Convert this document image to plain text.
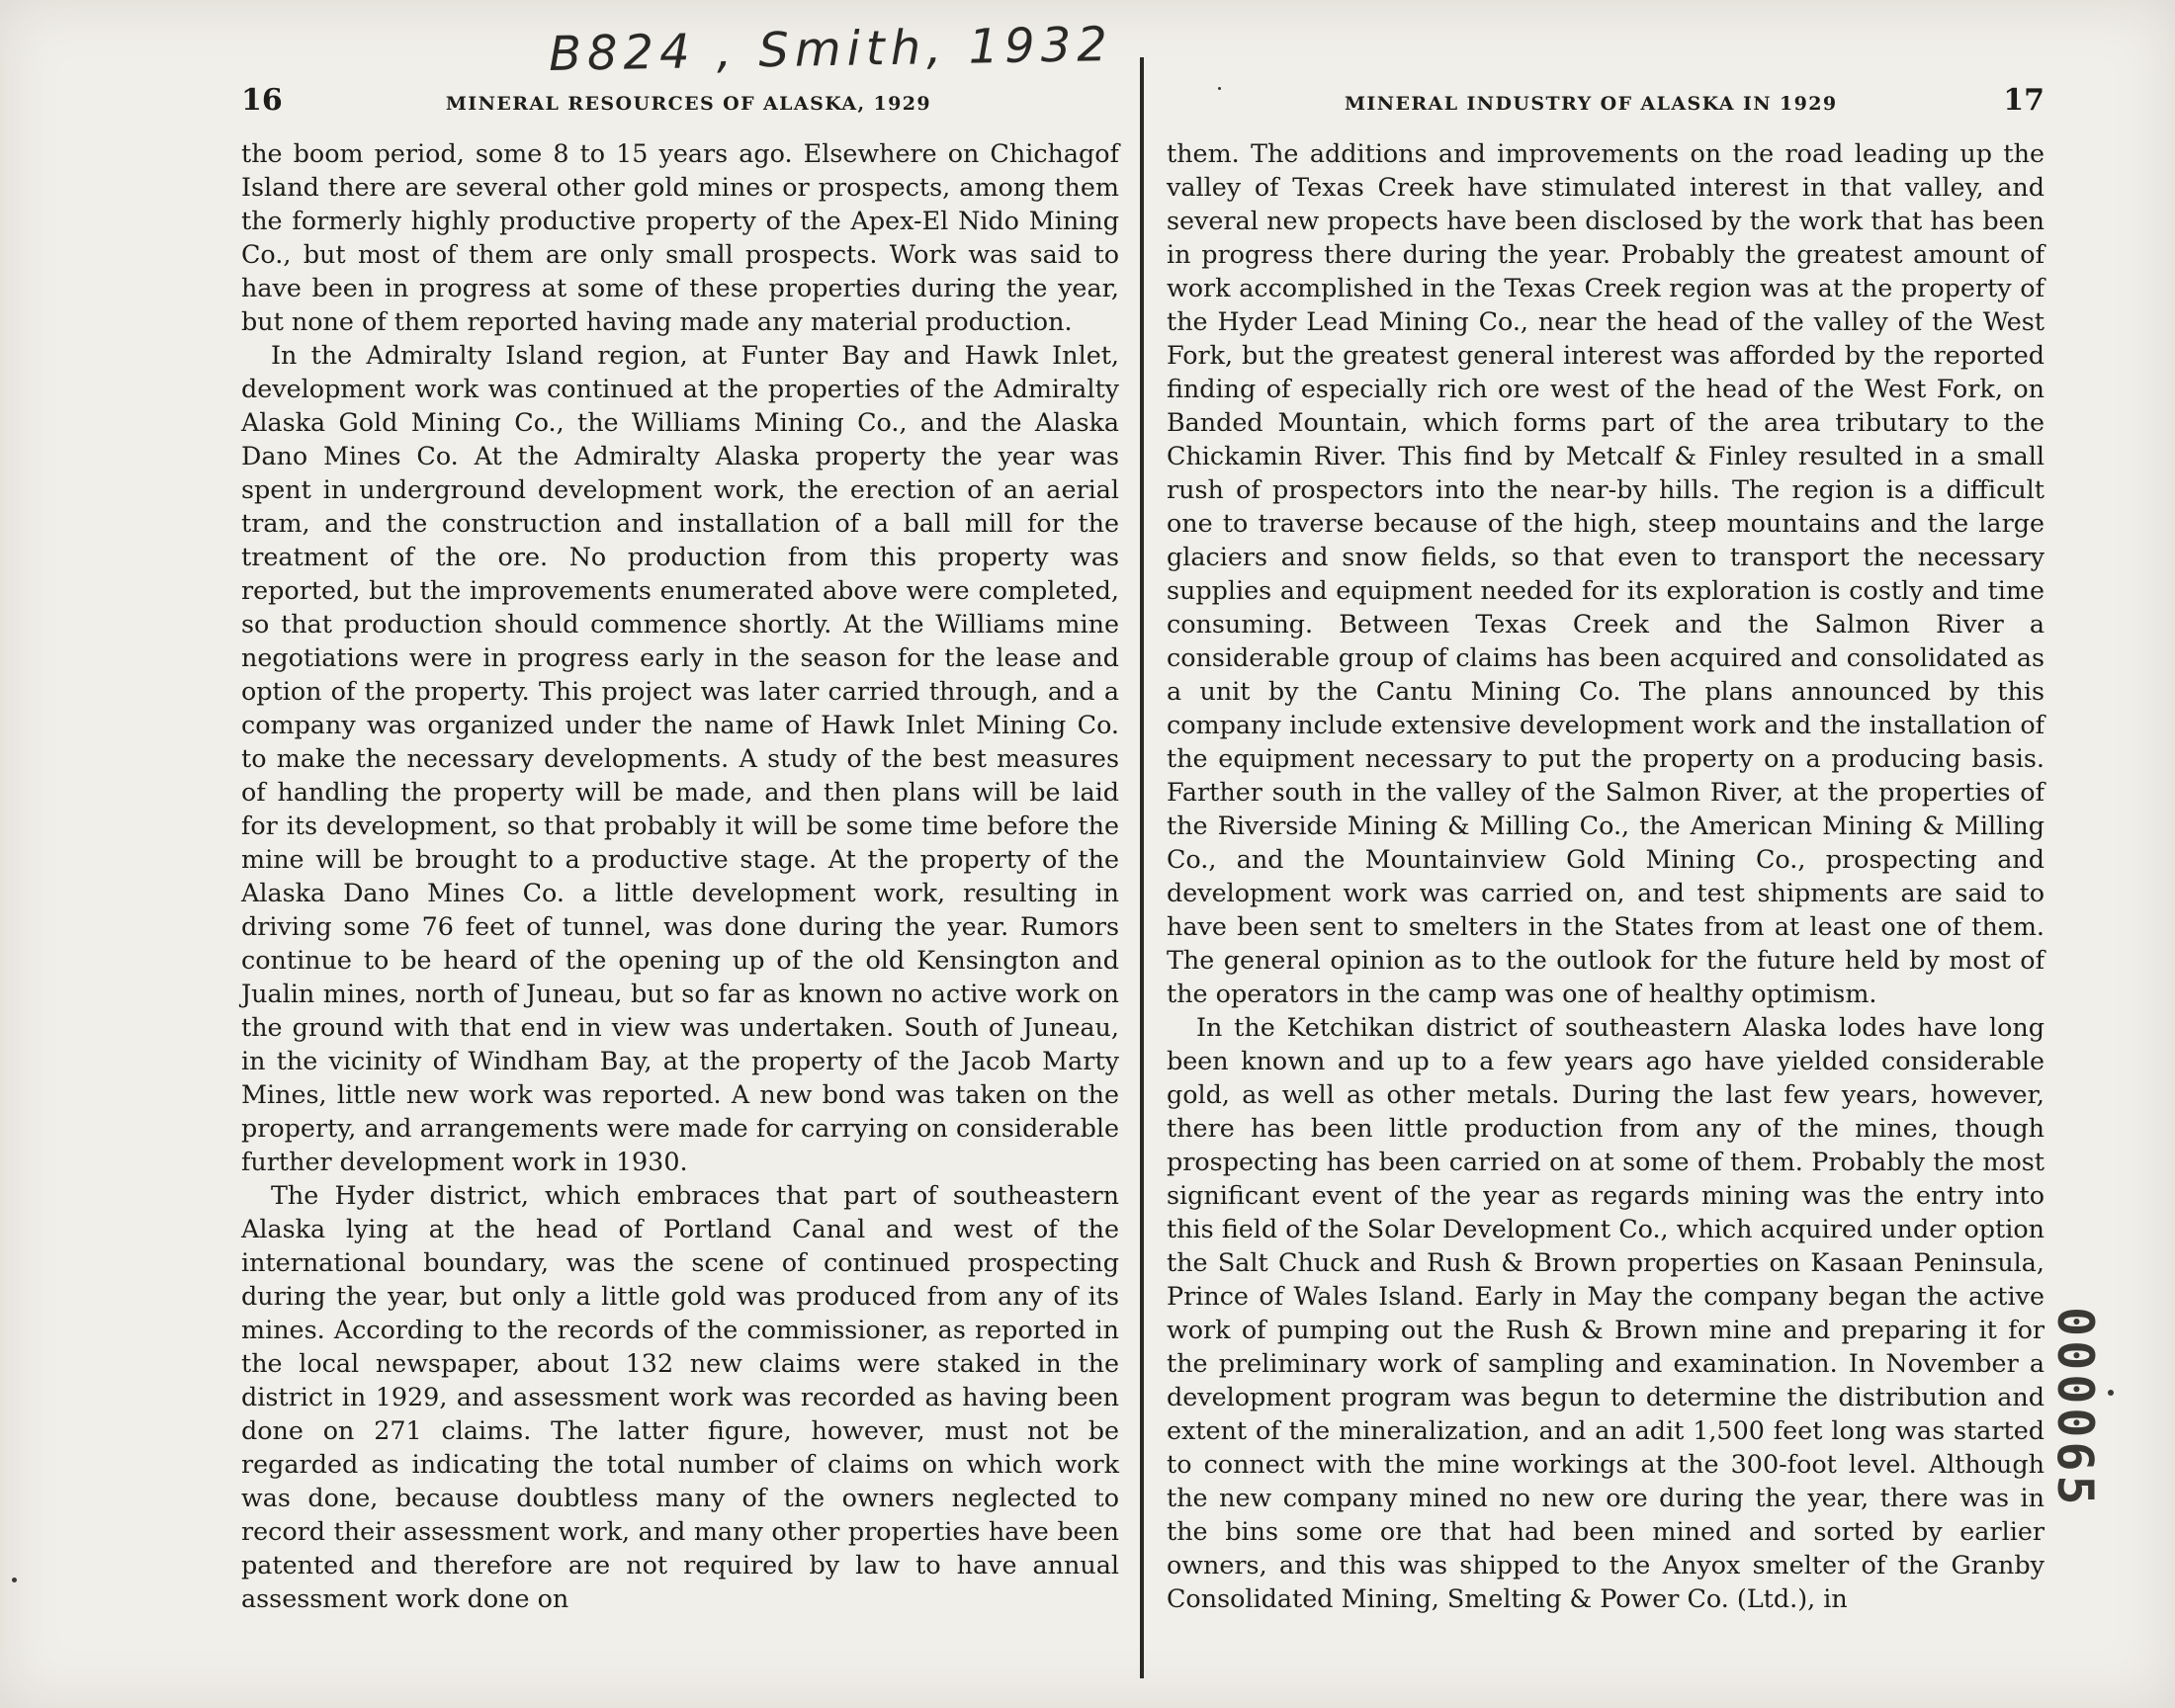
B824 , Smith, 1932
16	MINERAL RESOURCES OF ALASKA, 1929

the boom period, some 8 to 15 years ago. Elsewhere on Chichagof Island there are several other gold mines or prospects, among them the formerly highly productive property of the Apex-El Nido Mining Co., but most of them are only small prospects. Work was said to have been in progress at some of these properties during the year, but none of them reported having made any material production.

In the Admiralty Island region, at Funter Bay and Hawk Inlet, development work was continued at the properties of the Admiralty Alaska Gold Mining Co., the Williams Mining Co., and the Alaska Dano Mines Co. At the Admiralty Alaska property the year was spent in underground development work, the erection of an aerial tram, and the construction and installation of a ball mill for the treatment of the ore. No production from this property was reported, but the improvements enumerated above were completed, so that production should commence shortly. At the Williams mine negotiations were in progress early in the season for the lease and option of the property. This project was later carried through, and a company was organized under the name of Hawk Inlet Mining Co. to make the necessary developments. A study of the best measures of handling the property will be made, and then plans will be laid for its development, so that probably it will be some time before the mine will be brought to a productive stage. At the property of the Alaska Dano Mines Co. a little development work, resulting in driving some 76 feet of tunnel, was done during the year. Rumors continue to be heard of the opening up of the old Kensington and Jualin mines, north of Juneau, but so far as known no active work on the ground with that end in view was undertaken. South of Juneau, in the vicinity of Windham Bay, at the property of the Jacob Marty Mines, little new work was reported. A new bond was taken on the property, and arrangements were made for carrying on considerable further development work in 1930.

The Hyder district, which embraces that part of southeastern Alaska lying at the head of Portland Canal and west of the international boundary, was the scene of continued prospecting during the year, but only a little gold was produced from any of its mines. According to the records of the commissioner, as reported in the local newspaper, about 132 new claims were staked in the district in 1929, and assessment work was recorded as having been done on 271 claims. The latter figure, however, must not be regarded as indicating the total number of claims on which work was done, because doubtless many of the owners neglected to record their assessment work, and many other properties have been patented and therefore are not required by law to have annual assessment work done on

MINERAL INDUSTRY OF ALASKA IN 1929	17

them. The additions and improvements on the road leading up the valley of Texas Creek have stimulated interest in that valley, and several new propects have been disclosed by the work that has been in progress there during the year. Probably the greatest amount of work accomplished in the Texas Creek region was at the property of the Hyder Lead Mining Co., near the head of the valley of the West Fork, but the greatest general interest was afforded by the reported finding of especially rich ore west of the head of the West Fork, on Banded Mountain, which forms part of the area tributary to the Chickamin River. This find by Metcalf & Finley resulted in a small rush of prospectors into the near-by hills. The region is a difficult one to traverse because of the high, steep mountains and the large glaciers and snow fields, so that even to transport the necessary supplies and equipment needed for its exploration is costly and time consuming. Between Texas Creek and the Salmon River a considerable group of claims has been acquired and consolidated as a unit by the Cantu Mining Co. The plans announced by this company include extensive development work and the installation of the equipment necessary to put the property on a producing basis. Farther south in the valley of the Salmon River, at the properties of the Riverside Mining & Milling Co., the American Mining & Milling Co., and the Mountainview Gold Mining Co., prospecting and development work was carried on, and test shipments are said to have been sent to smelters in the States from at least one of them. The general opinion as to the outlook for the future held by most of the operators in the camp was one of healthy optimism.

In the Ketchikan district of southeastern Alaska lodes have long been known and up to a few years ago have yielded considerable gold, as well as other metals. During the last few years, however, there has been little production from any of the mines, though prospecting has been carried on at some of them. Probably the most significant event of the year as regards mining was the entry into this field of the Solar Development Co., which acquired under option the Salt Chuck and Rush & Brown properties on Kasaan Peninsula, Prince of Wales Island. Early in May the company began the active work of pumping out the Rush & Brown mine and preparing it for the preliminary work of sampling and examination. In November a development program was begun to determine the distribution and extent of the mineralization, and an adit 1,500 feet long was started to connect with the mine workings at the 300-foot level. Although the new company mined no new ore during the year, there was in the bins some ore that had been mined and sorted by earlier owners, and this was shipped to the Anyox smelter of the Granby Consolidated Mining, Smelting & Power Co. (Ltd.), in

000065
